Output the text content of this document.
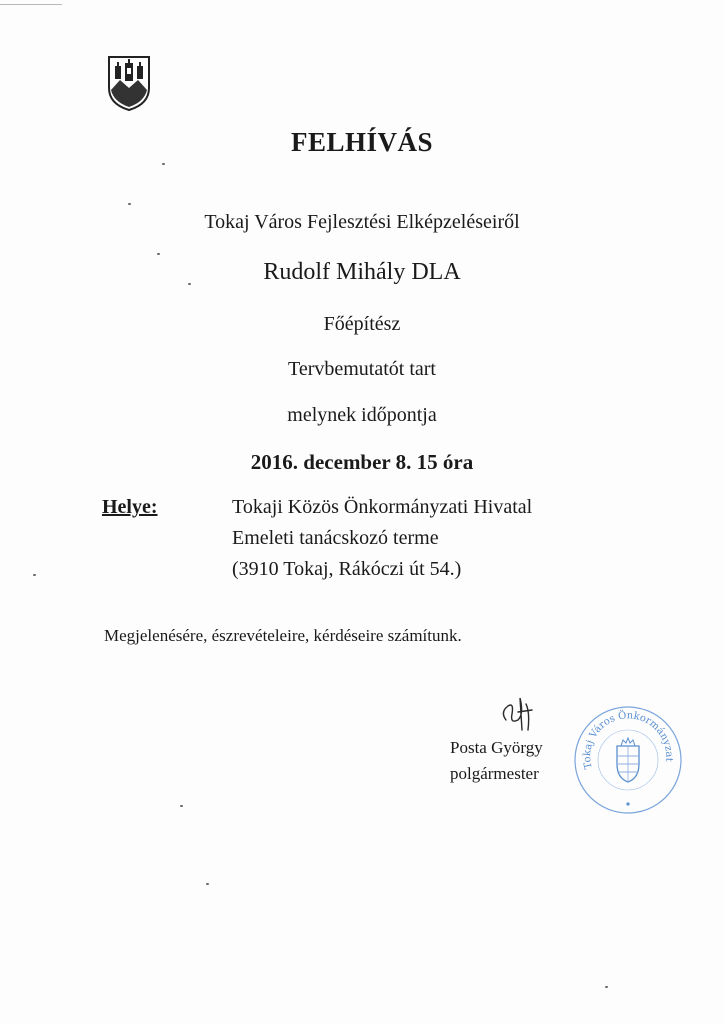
FELHÍVÁS
Tokaj Város Fejlesztési Elképzeléseiről
Rudolf Mihály DLA
Főépítész
Tervbemutatót tart
melynek időpontja
2016. december 8. 15 óra
Helye:	Tokaji Közös Önkormányzati Hivatal
Emeleti tanácskozó terme
(3910 Tokaj, Rákóczi út 54.)
Megjelenésére, észrevételeire, kérdéseire számítunk.
Posta György
polgármester	Tokaj Város Önkormányzat
